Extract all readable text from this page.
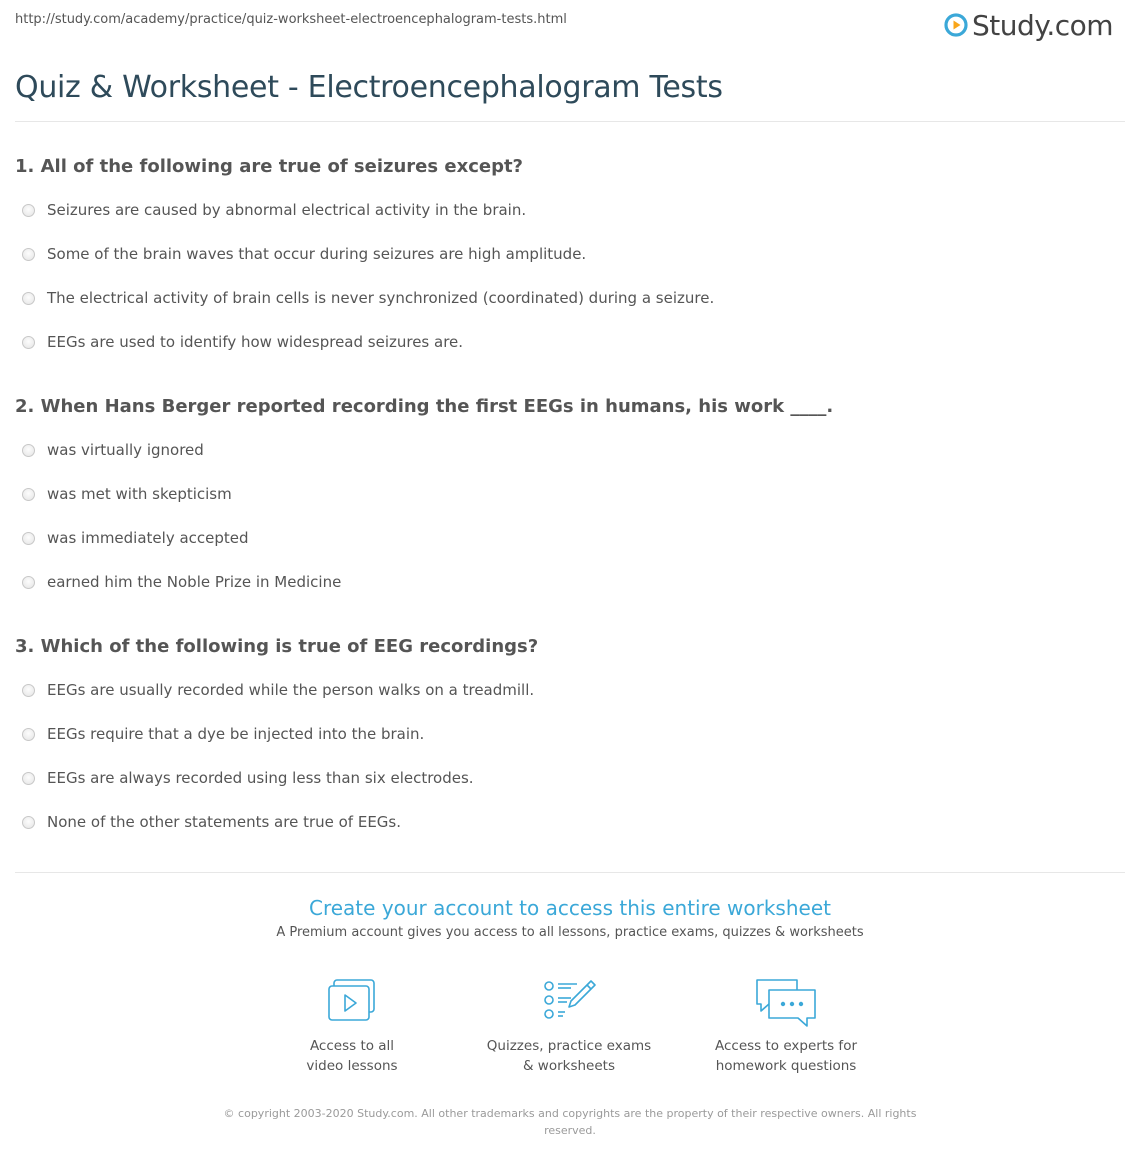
http://study.com/academy/practice/quiz-worksheet-electroencephalogram-tests.html	Study.com
Quiz & Worksheet - Electroencephalogram Tests
1. All of the following are true of seizures except?
Seizures are caused by abnormal electrical activity in the brain.
Some of the brain waves that occur during seizures are high amplitude.
The electrical activity of brain cells is never synchronized (coordinated) during a seizure.
EEGs are used to identify how widespread seizures are.
2. When Hans Berger reported recording the first EEGs in humans, his work ____.
was virtually ignored
was met with skepticism
was immediately accepted
earned him the Noble Prize in Medicine
3. Which of the following is true of EEG recordings?
EEGs are usually recorded while the person walks on a treadmill.
EEGs require that a dye be injected into the brain.
EEGs are always recorded using less than six electrodes.
None of the other statements are true of EEGs.
Create your account to access this entire worksheet
A Premium account gives you access to all lessons, practice exams, quizzes & worksheets
Access to all
video lessons
Quizzes, practice exams
& worksheets
Access to experts for
homework questions
© copyright 2003-2020 Study.com. All other trademarks and copyrights are the property of their respective owners. All rights
reserved.
